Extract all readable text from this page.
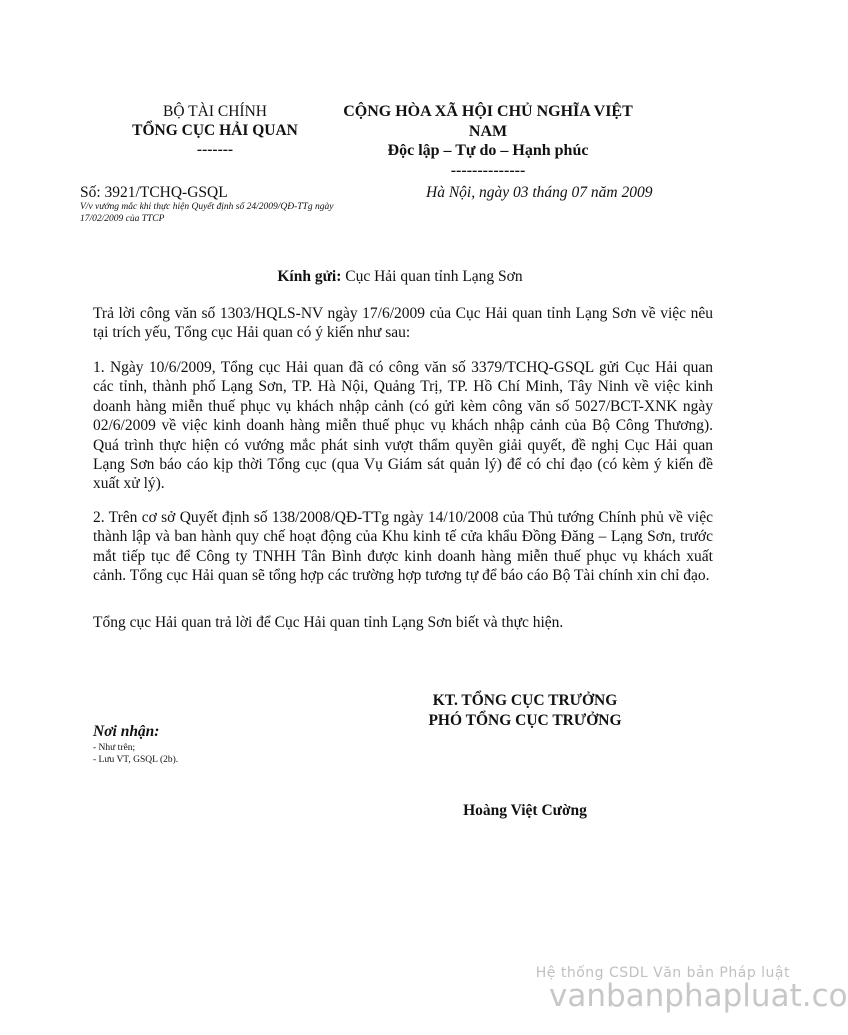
BỘ TÀI CHÍNH
TỔNG CỤC HẢI QUAN
-------
CỘNG HÒA XÃ HỘI CHỦ NGHĨA VIỆT
NAM
Độc lập – Tự do – Hạnh phúc
--------------
Số: 3921/TCHQ-GSQL
V/v vướng mắc khi thực hiện Quyết định số 24/2009/QĐ-TTg ngày 17/02/2009 của TTCP
Hà Nội, ngày 03 tháng 07 năm 2009
Kính gửi: Cục Hải quan tỉnh Lạng Sơn
Trả lời công văn số 1303/HQLS-NV ngày 17/6/2009 của Cục Hải quan tỉnh Lạng Sơn về việc nêu tại trích yếu, Tổng cục Hải quan có ý kiến như sau:
1. Ngày 10/6/2009, Tổng cục Hải quan đã có công văn số 3379/TCHQ-GSQL gửi Cục Hải quan các tỉnh, thành phố Lạng Sơn, TP. Hà Nội, Quảng Trị, TP. Hồ Chí Minh, Tây Ninh về việc kinh doanh hàng miễn thuế phục vụ khách nhập cảnh (có gửi kèm công văn số 5027/BCT-XNK ngày 02/6/2009 về việc kinh doanh hàng miễn thuế phục vụ khách nhập cảnh của Bộ Công Thương). Quá trình thực hiện có vướng mắc phát sinh vượt thẩm quyền giải quyết, đề nghị Cục Hải quan Lạng Sơn báo cáo kịp thời Tổng cục (qua Vụ Giám sát quản lý) để có chỉ đạo (có kèm ý kiến đề xuất xử lý).
2. Trên cơ sở Quyết định số 138/2008/QĐ-TTg ngày 14/10/2008 của Thủ tướng Chính phủ về việc thành lập và ban hành quy chế hoạt động của Khu kinh tế cửa khẩu Đồng Đăng – Lạng Sơn, trước mắt tiếp tục để Công ty TNHH Tân Bình được kinh doanh hàng miễn thuế phục vụ khách xuất cảnh. Tổng cục Hải quan sẽ tổng hợp các trường hợp tương tự để báo cáo Bộ Tài chính xin chỉ đạo.
Tổng cục Hải quan trả lời để Cục Hải quan tỉnh Lạng Sơn biết và thực hiện.
KT. TỔNG CỤC TRƯỞNG
PHÓ TỔNG CỤC TRƯỞNG
Hoàng Việt Cường
Nơi nhận:
- Như trên;
- Lưu VT, GSQL (2b).
Hệ thống CSDL Văn bản Pháp luật
vanbanphapluat.co
